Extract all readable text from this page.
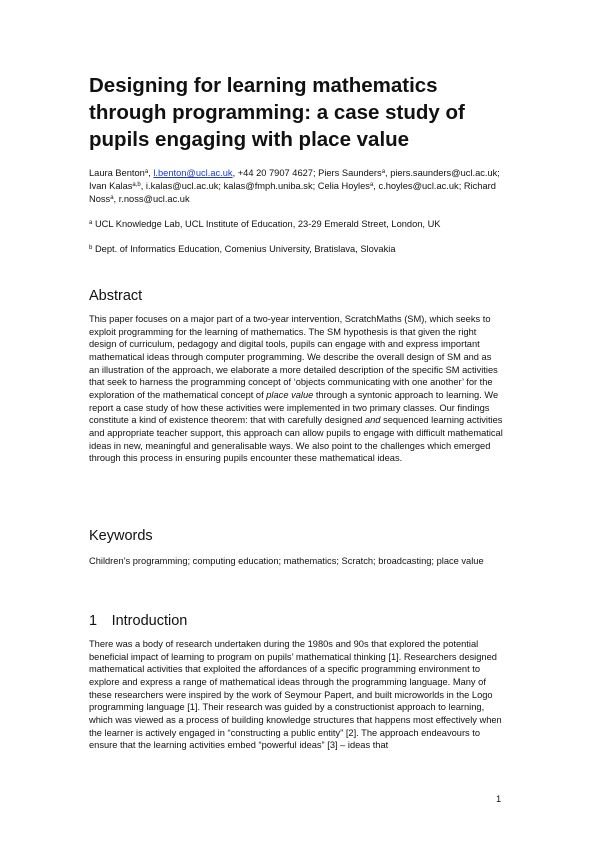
Designing for learning mathematics through programming: a case study of pupils engaging with place value
Laura Benton$^a$, l.benton@ucl.ac.uk, +44 20 7907 4627; Piers Saunders$^a$, piers.saunders@ucl.ac.uk; Ivan Kalas$^{a,b}$, i.kalas@ucl.ac.uk; kalas@fmph.uniba.sk; Celia Hoyles$^a$, c.hoyles@ucl.ac.uk; Richard Noss$^a$, r.noss@ucl.ac.uk
$^a$ UCL Knowledge Lab, UCL Institute of Education, 23-29 Emerald Street, London, UK
$^b$ Dept. of Informatics Education, Comenius University, Bratislava, Slovakia
Abstract

This paper focuses on a major part of a two-year intervention, ScratchMaths (SM), which seeks to exploit programming for the learning of mathematics. The SM hypothesis is that given the right design of curriculum, pedagogy and digital tools, pupils can engage with and express important mathematical ideas through computer programming. We describe the overall design of SM and as an illustration of the approach, we elaborate a more detailed description of the specific SM activities that seek to harness the programming concept of ‘objects communicating with one another’ for the exploration of the mathematical concept of place value through a syntonic approach to learning. We report a case study of how these activities were implemented in two primary classes. Our findings constitute a kind of existence theorem: that with carefully designed and sequenced learning activities and appropriate teacher support, this approach can allow pupils to engage with difficult mathematical ideas in new, meaningful and generalisable ways. We also point to the challenges which emerged through this process in ensuring pupils encounter these mathematical ideas.

Keywords

Children’s programming; computing education; mathematics; Scratch; broadcasting; place value

1 Introduction

There was a body of research undertaken during the 1980s and 90s that explored the potential beneficial impact of learning to program on pupils’ mathematical thinking [1]. Researchers designed mathematical activities that exploited the affordances of a specific programming environment to explore and express a range of mathematical ideas through the programming language. Many of these researchers were inspired by the work of Seymour Papert, and built microworlds in the Logo programming language [1]. Their research was guided by a constructionist approach to learning, which was viewed as a process of building knowledge structures that happens most effectively when the learner is actively engaged in “constructing a public entity” [2]. The approach endeavours to ensure that the learning activities embed “powerful ideas” [3] – ideas that

1
